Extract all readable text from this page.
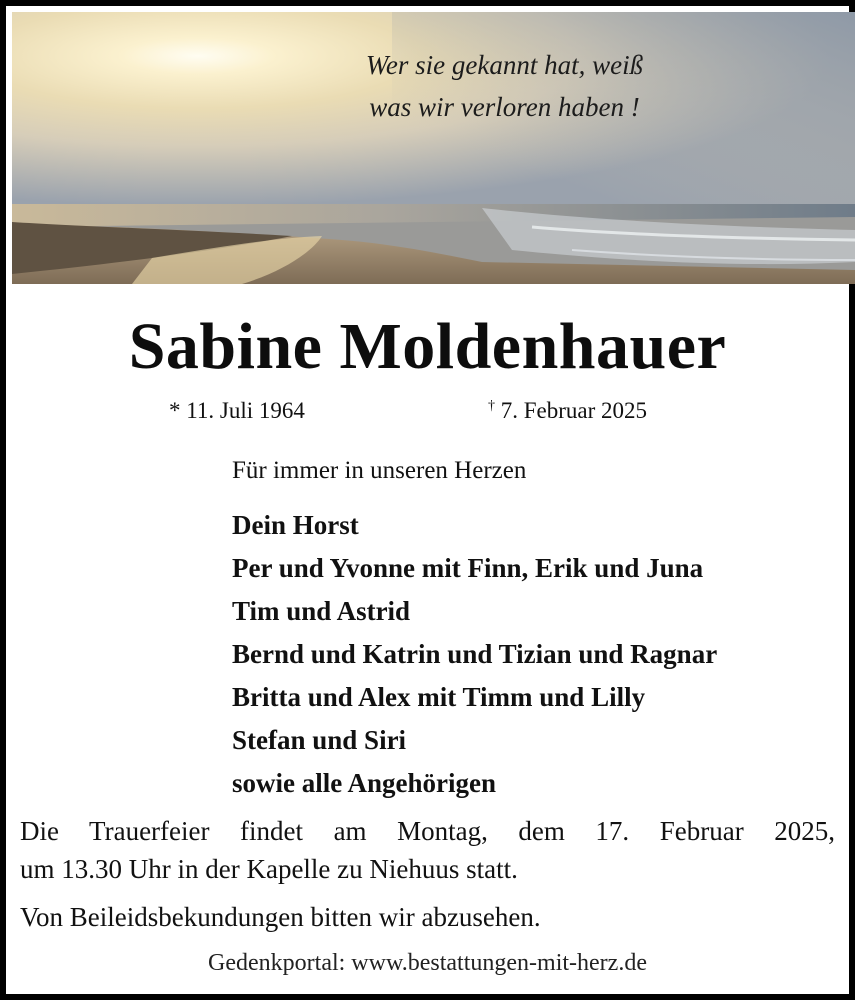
Wer sie gekannt hat, weiß
was wir verloren haben !
Sabine Moldenhauer
* 11. Juli 1964	† 7. Februar 2025
Für immer in unseren Herzen
Dein Horst
Per und Yvonne mit Finn, Erik und Juna
Tim und Astrid
Bernd und Katrin und Tizian und Ragnar
Britta und Alex mit Timm und Lilly
Stefan und Siri
sowie alle Angehörigen
Die Trauerfeier findet am Montag, dem 17. Februar 2025,
um 13.30 Uhr in der Kapelle zu Niehuus statt.
Von Beileidsbekundungen bitten wir abzusehen.
Gedenkportal: www.bestattungen-mit-herz.de
